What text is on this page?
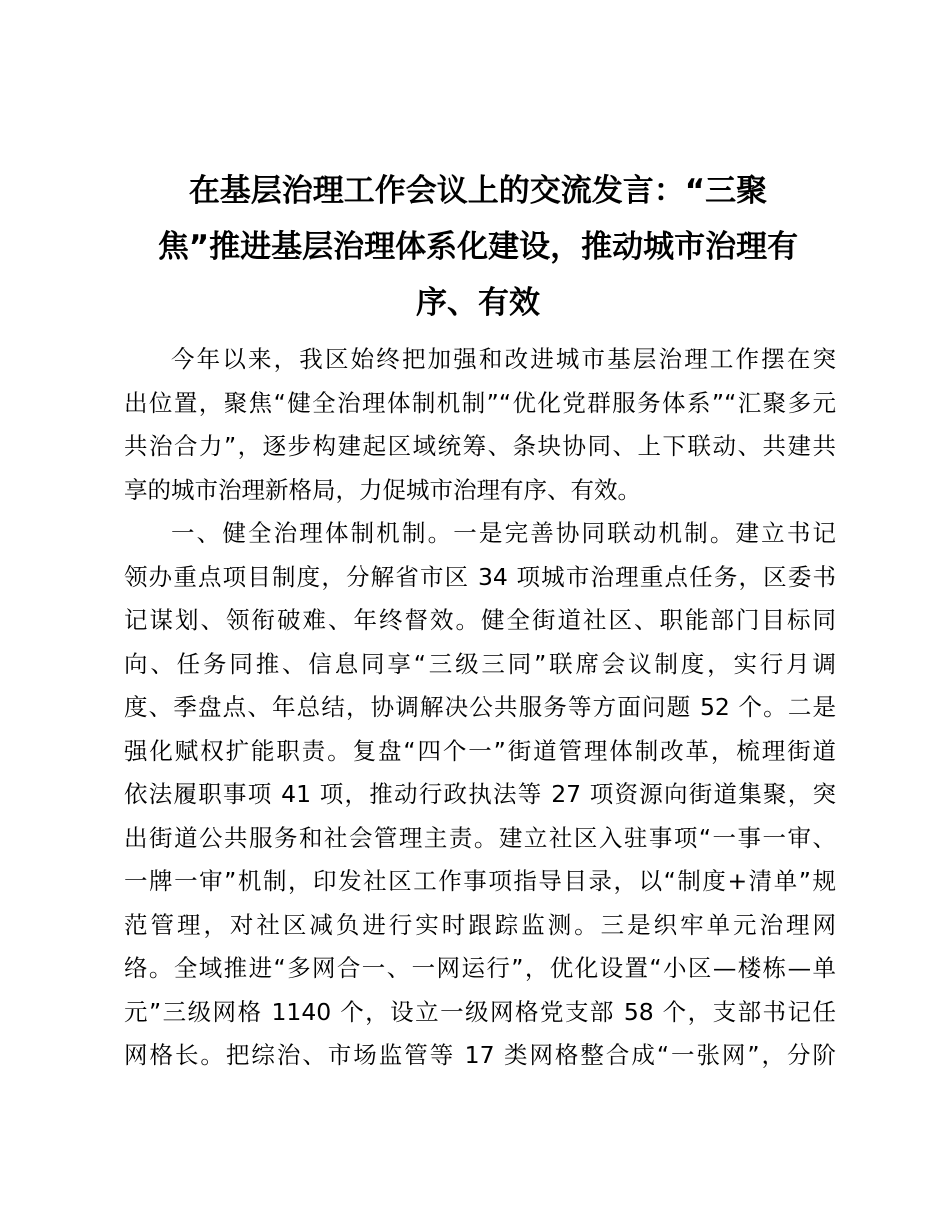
在基层治理工作会议上的交流发言：“三聚
焦”推进基层治理体系化建设，推动城市治理有
序、有效
今年以来，我区始终把加强和改进城市基层治理工作摆在突
出位置，聚焦“健全治理体制机制”“优化党群服务体系”“汇聚多元
共治合力”，逐步构建起区域统筹、条块协同、上下联动、共建共
享的城市治理新格局，力促城市治理有序、有效。
一、健全治理体制机制。一是完善协同联动机制。建立书记
领办重点项目制度，分解省市区 34 项城市治理重点任务，区委书
记谋划、领衔破难、年终督效。健全街道社区、职能部门目标同
向、任务同推、信息同享“三级三同”联席会议制度，实行月调
度、季盘点、年总结，协调解决公共服务等方面问题 52 个。二是
强化赋权扩能职责。复盘“四个一”街道管理体制改革，梳理街道
依法履职事项 41 项，推动行政执法等 27 项资源向街道集聚，突
出街道公共服务和社会管理主责。建立社区入驻事项“一事一审、
一牌一审”机制，印发社区工作事项指导目录，以“制度+清单”规
范管理，对社区减负进行实时跟踪监测。三是织牢单元治理网
络。全域推进“多网合一、一网运行”，优化设置“小区—楼栋—单
元”三级网格 1140 个，设立一级网格党支部 58 个，支部书记任
网格长。把综治、市场监管等 17 类网格整合成“一张网”，分阶
